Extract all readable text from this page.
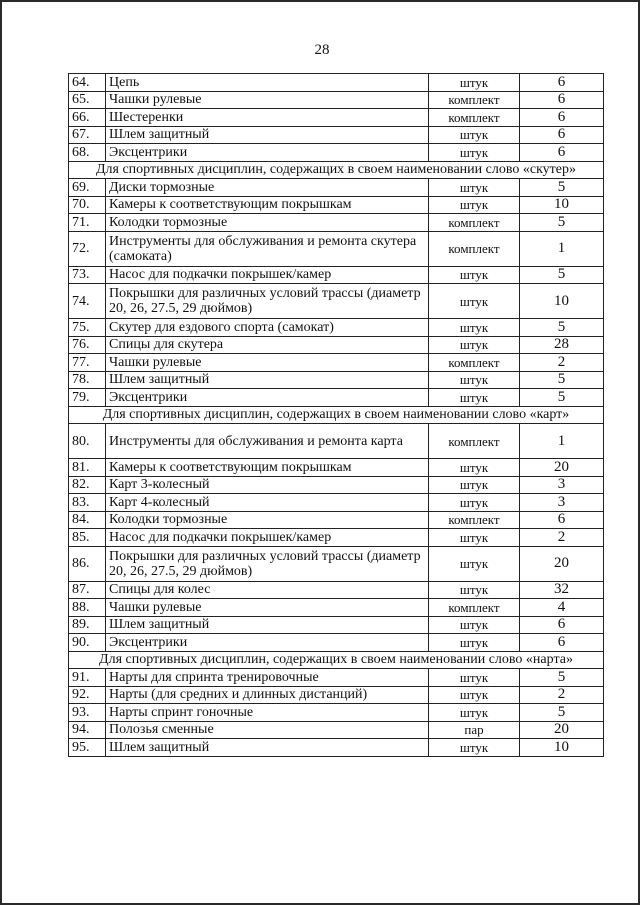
28
64.	Цепь	штук	6
65.	Чашки рулевые	комплект	6
66.	Шестеренки	комплект	6
67.	Шлем защитный	штук	6
68.	Эксцентрики	штук	6
Для спортивных дисциплин, содержащих в своем наименовании слово «скутер»			
69.	Диски тормозные	штук	5
70.	Камеры к соответствующим покрышкам	штук	10
71.	Колодки тормозные	комплект	5
72.	Инструменты для обслуживания и ремонта скутера (самоката)	комплект	1
73.	Насос для подкачки покрышек/камер	штук	5
74.	Покрышки для различных условий трассы (диаметр 20, 26, 27.5, 29 дюймов)	штук	10
75.	Скутер для ездового спорта (самокат)	штук	5
76.	Спицы для скутера	штук	28
77.	Чашки рулевые	комплект	2
78.	Шлем защитный	штук	5
79.	Эксцентрики	штук	5
Для спортивных дисциплин, содержащих в своем наименовании слово «карт»			
80.	Инструменты для обслуживания и ремонта карта	комплект	1
81.	Камеры к соответствующим покрышкам	штук	20
82.	Карт 3-колесный	штук	3
83.	Карт 4-колесный	штук	3
84.	Колодки тормозные	комплект	6
85.	Насос для подкачки покрышек/камер	штук	2
86.	Покрышки для различных условий трассы (диаметр 20, 26, 27.5, 29 дюймов)	штук	20
87.	Спицы для колес	штук	32
88.	Чашки рулевые	комплект	4
89.	Шлем защитный	штук	6
90.	Эксцентрики	штук	6
Для спортивных дисциплин, содержащих в своем наименовании слово «нарта»			
91.	Нарты для спринта тренировочные	штук	5
92.	Нарты (для средних и длинных дистанций)	штук	2
93.	Нарты спринт гоночные	штук	5
94.	Полозья сменные	пар	20
95.	Шлем защитный	штук	10
